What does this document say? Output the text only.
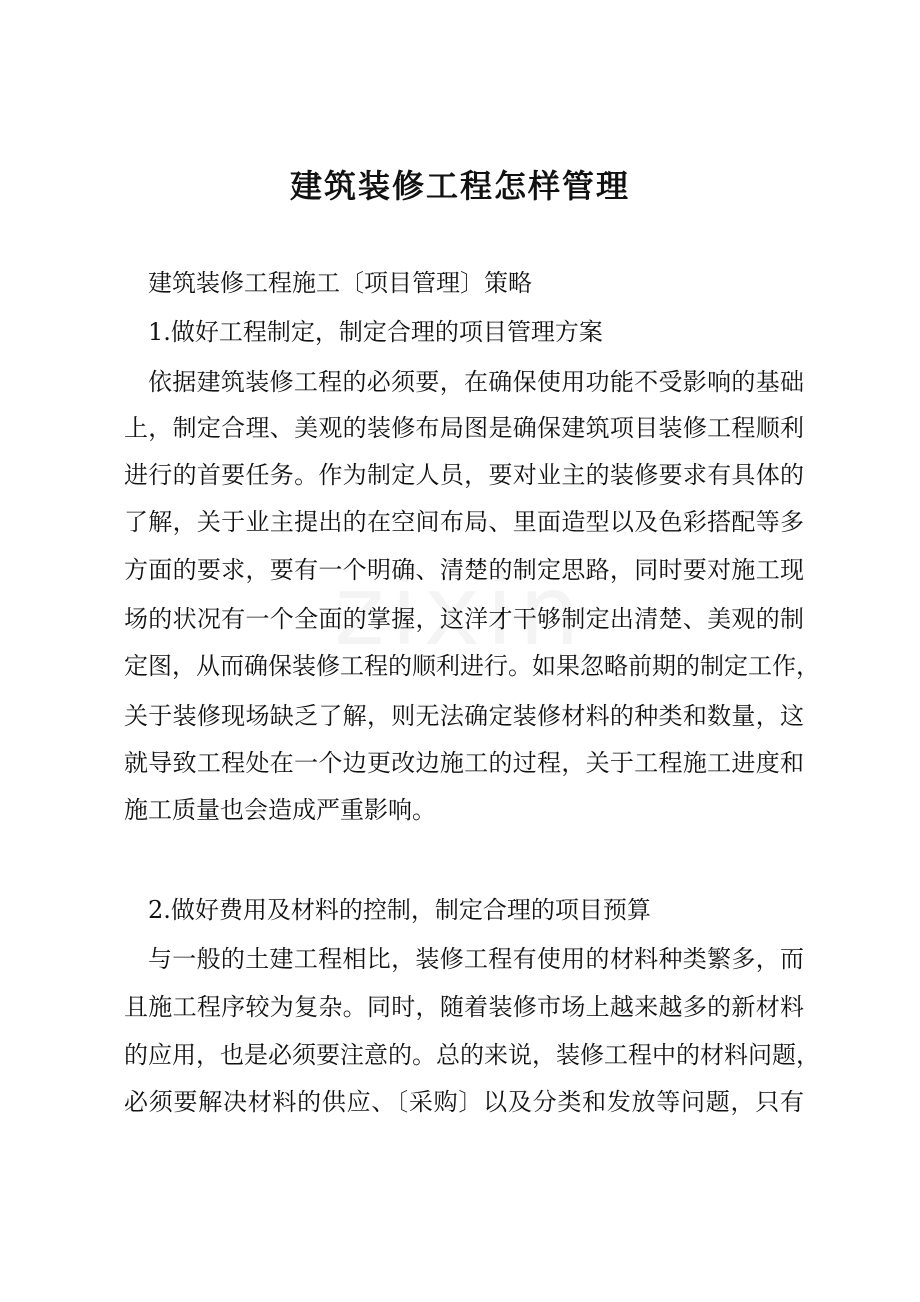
建筑装修工程怎样管理

建筑装修工程施工〔项目管理〕策略

1.做好工程制定，制定合理的项目管理方案

依据建筑装修工程的必须要，在确保使用功能不受影响的基础

上，制定合理、美观的装修布局图是确保建筑项目装修工程顺利

进行的首要任务。作为制定人员，要对业主的装修要求有具体的

了解，关于业主提出的在空间布局、里面造型以及色彩搭配等多

方面的要求，要有一个明确、清楚的制定思路，同时要对施工现

场的状况有一个全面的掌握，这洋才干够制定出清楚、美观的制

定图，从而确保装修工程的顺利进行。如果忽略前期的制定工作，

关于装修现场缺乏了解，则无法确定装修材料的种类和数量，这

就导致工程处在一个边更改边施工的过程，关于工程施工进度和

施工质量也会造成严重影响。

2.做好费用及材料的控制，制定合理的项目预算

与一般的土建工程相比，装修工程有使用的材料种类繁多，而

且施工程序较为复杂。同时，随着装修市场上越来越多的新材料

的应用，也是必须要注意的。总的来说，装修工程中的材料问题，

必须要解决材料的供应、〔采购〕以及分类和发放等问题，只有
